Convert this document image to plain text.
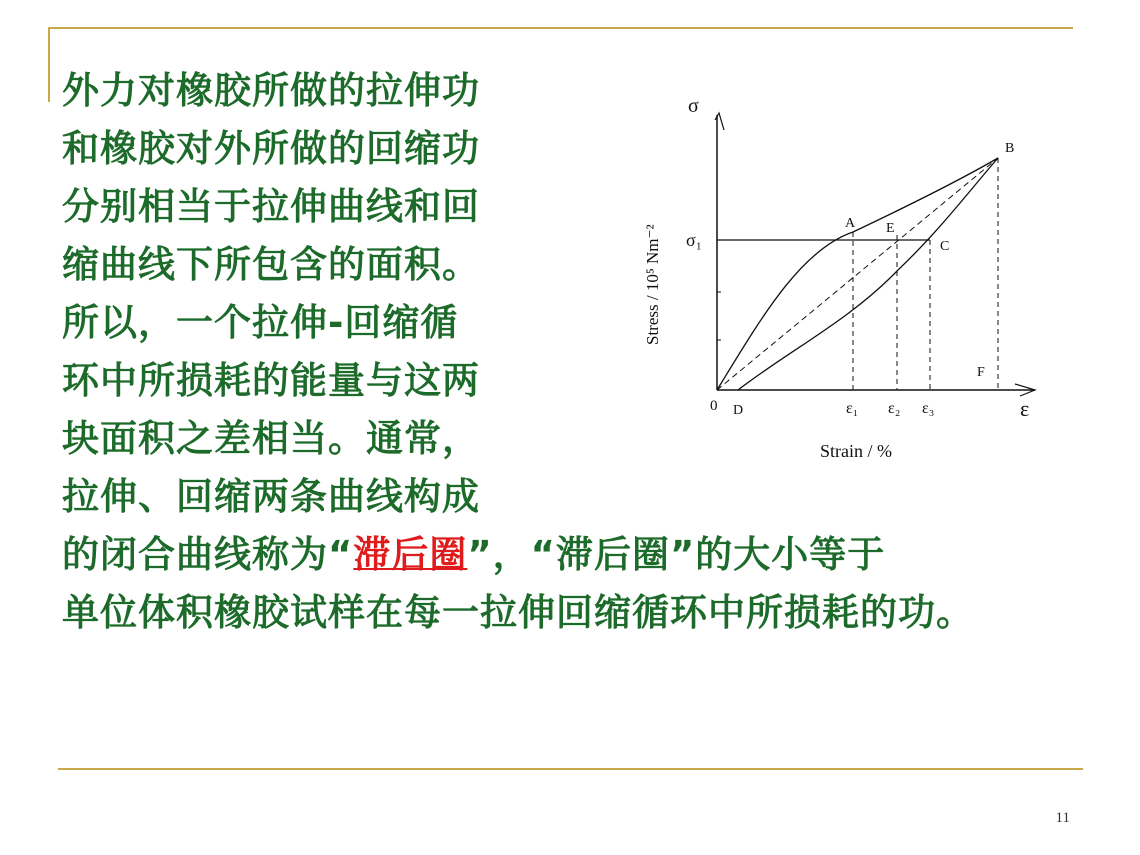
外力对橡胶所做的拉伸功
和橡胶对外所做的回缩功
分别相当于拉伸曲线和回
缩曲线下所包含的面积。
所以，一个拉伸-回缩循
环中所损耗的能量与这两
块面积之差相当。通常，
拉伸、回缩两条曲线构成
的闭合曲线称为“滞后圈”，“滞后圈”的大小等于
单位体积橡胶试样在每一拉伸回缩循环中所损耗的功。
σ
σ₁
0
A
B
C
D
E
F
ε₁ ε₂ ε₃	ε
Strain / %
Stress / 10⁵ Nm⁻²
11
